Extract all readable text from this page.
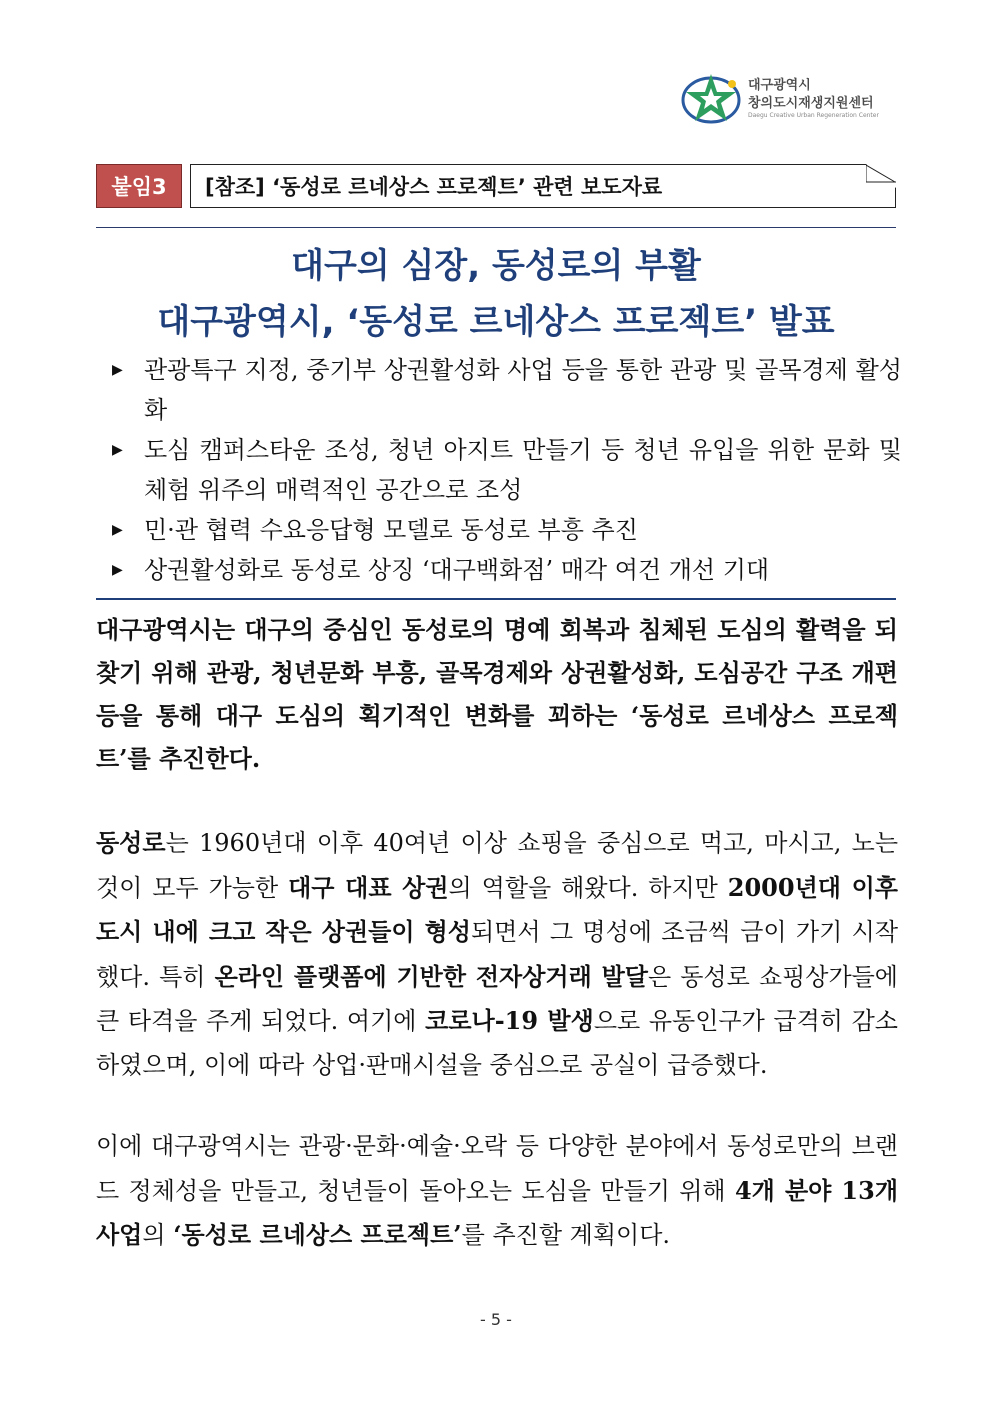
대구광역시
창의도시재생지원센터
Daegu Creative Urban Regeneration Center
붙임3	[참조] ‘동성로 르네상스 프로젝트’ 관련 보도자료
대구의 심장, 동성로의 부활
대구광역시, ‘동성로 르네상스 프로젝트’ 발표
▶ 관광특구 지정, 중기부 상권활성화 사업 등을 통한 관광 및 골목경제 활성화
▶ 도심 캠퍼스타운 조성, 청년 아지트 만들기 등 청년 유입을 위한 문화 및 체험 위주의 매력적인 공간으로 조성
▶ 민·관 협력 수요응답형 모델로 동성로 부흥 추진
▶ 상권활성화로 동성로 상징 ‘대구백화점’ 매각 여건 개선 기대
대구광역시는 대구의 중심인 동성로의 명예 회복과 침체된 도심의 활력을 되찾기 위해 관광, 청년문화 부흥, 골목경제와 상권활성화, 도심공간 구조 개편 등을 통해 대구 도심의 획기적인 변화를 꾀하는 ‘동성로 르네상스 프로젝트’를 추진한다.
동성로는 1960년대 이후 40여년 이상 쇼핑을 중심으로 먹고, 마시고, 노는 것이 모두 가능한 대구 대표 상권의 역할을 해왔다. 하지만 2000년대 이후 도시 내에 크고 작은 상권들이 형성되면서 그 명성에 조금씩 금이 가기 시작했다. 특히 온라인 플랫폼에 기반한 전자상거래 발달은 동성로 쇼핑상가들에 큰 타격을 주게 되었다. 여기에 코로나-19 발생으로 유동인구가 급격히 감소하였으며, 이에 따라 상업·판매시설을 중심으로 공실이 급증했다.
이에 대구광역시는 관광·문화·예술·오락 등 다양한 분야에서 동성로만의 브랜드 정체성을 만들고, 청년들이 돌아오는 도심을 만들기 위해 4개 분야 13개 사업의 ‘동성로 르네상스 프로젝트’를 추진할 계획이다.
- 5 -
